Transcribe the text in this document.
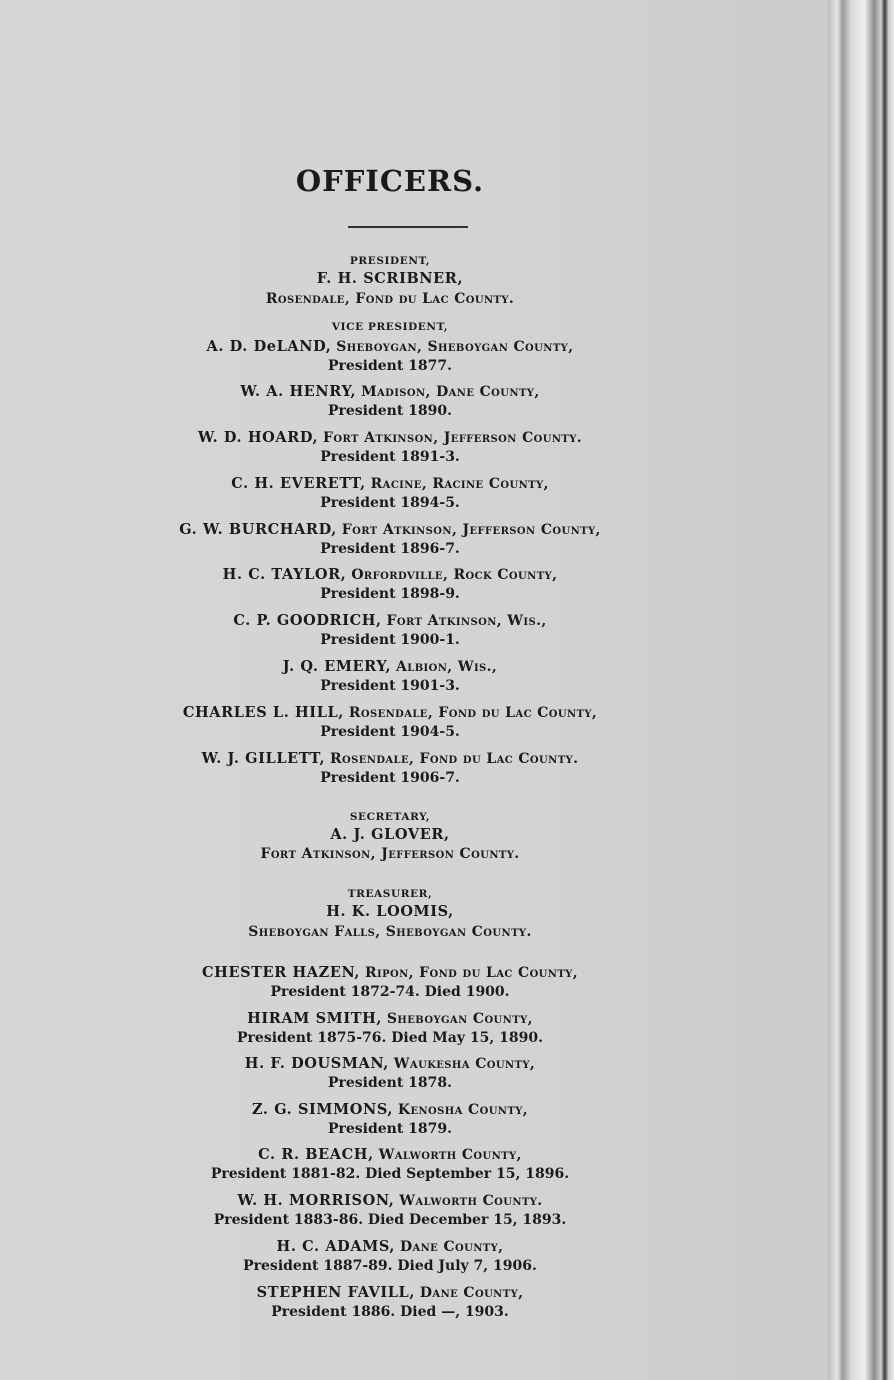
OFFICERS.
PRESIDENT,
F. H. SCRIBNER,
Rosendale, Fond du Lac County.
VICE PRESIDENT,
A. D. DeLAND, Sheboygan, Sheboygan County,
President 1877.
W. A. HENRY, Madison, Dane County,
President 1890.
W. D. HOARD, Fort Atkinson, Jefferson County.
President 1891-3.
C. H. EVERETT, Racine, Racine County,
President 1894-5.
G. W. BURCHARD, Fort Atkinson, Jefferson County,
President 1896-7.
H. C. TAYLOR, Orfordville, Rock County,
President 1898-9.
C. P. GOODRICH, Fort Atkinson, Wis.,
President 1900-1.
J. Q. EMERY, Albion, Wis.,
President 1901-3.
CHARLES L. HILL, Rosendale, Fond du Lac County,
President 1904-5.
W. J. GILLETT, Rosendale, Fond du Lac County.
President 1906-7.
SECRETARY,
A. J. GLOVER,
Fort Atkinson, Jefferson County.
TREASURER,
H. K. LOOMIS,
Sheboygan Falls, Sheboygan County.
CHESTER HAZEN, Ripon, Fond du Lac County,
President 1872-74. Died 1900.
HIRAM SMITH, Sheboygan County,
President 1875-76. Died May 15, 1890.
H. F. DOUSMAN, Waukesha County,
President 1878.
Z. G. SIMMONS, Kenosha County,
President 1879.
C. R. BEACH, Walworth County,
President 1881-82. Died September 15, 1896.
W. H. MORRISON, Walworth County.
President 1883-86. Died December 15, 1893.
H. C. ADAMS, Dane County,
President 1887-89. Died July 7, 1906.
STEPHEN FAVILL, Dane County,
President 1886. Died —, 1903.
